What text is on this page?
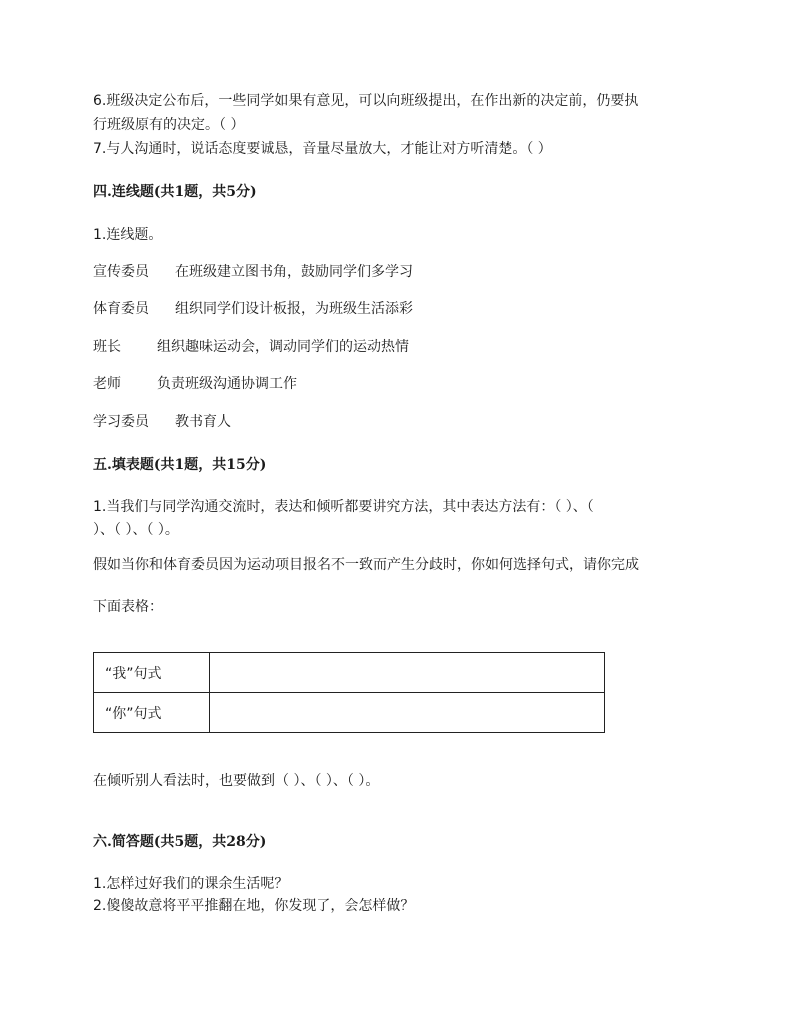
6.班级决定公布后，一些同学如果有意见，可以向班级提出，在作出新的决定前，仍要执
行班级原有的决定。（ ）
7.与人沟通时，说话态度要诚恳，音量尽量放大，才能让对方听清楚。（ ）
四.连线题(共1题，共5分)
1.连线题。
宣传委员 在班级建立图书角，鼓励同学们多学习
体育委员 组织同学们设计板报，为班级生活添彩
班长	组织趣味运动会，调动同学们的运动热情
老师	负责班级沟通协调工作
学习委员 教书育人
五.填表题(共1题，共15分)
1.当我们与同学沟通交流时，表达和倾听都要讲究方法，其中表达方法有：（ ）、（
）、（ ）、（ ）。
假如当你和体育委员因为运动项目报名不一致而产生分歧时，你如何选择句式，请你完成
下面表格：
“我”句式	
“你”句式	
在倾听别人看法时，也要做到（ ）、（ ）、（ ）。
六.简答题(共5题，共28分)
1.怎样过好我们的课余生活呢？
2.傻傻故意将平平推翻在地，你发现了，会怎样做？
